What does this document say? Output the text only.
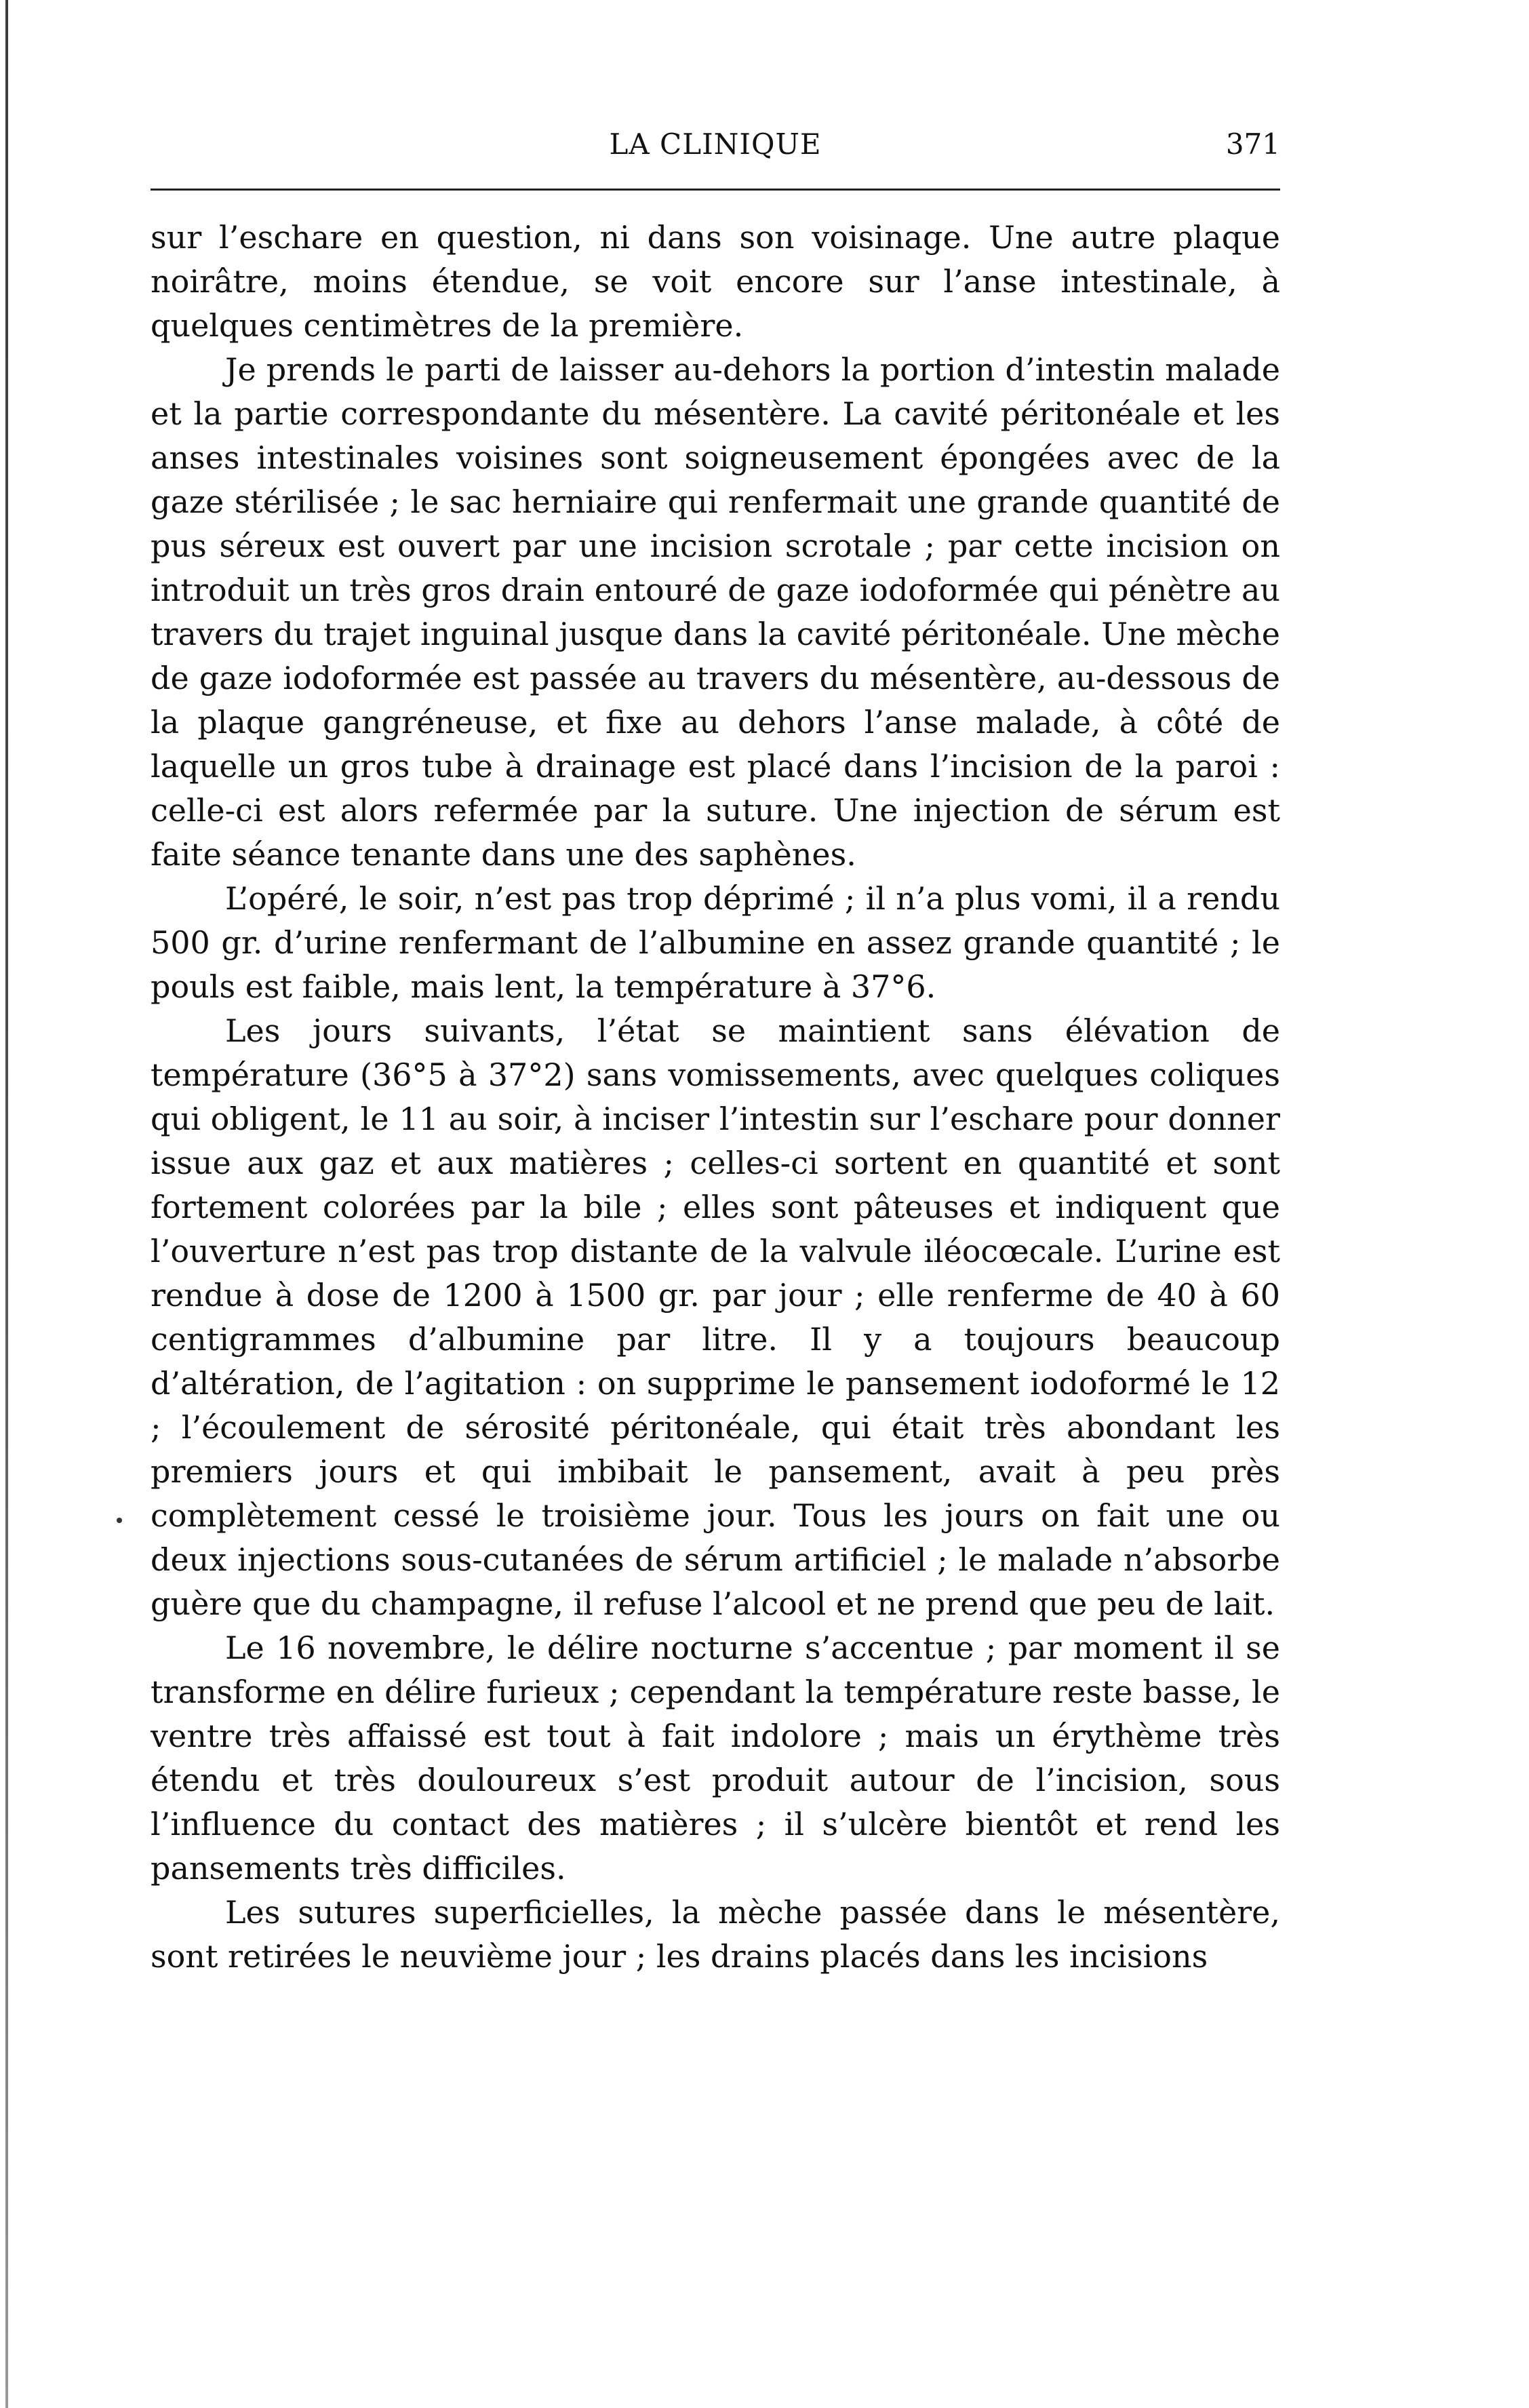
LA CLINIQUE	371

sur l’eschare en question, ni dans son voisinage. Une autre plaque noirâtre, moins étendue, se voit encore sur l’anse intestinale, à quelques centimètres de la première.

Je prends le parti de laisser au-dehors la portion d’intestin malade et la partie correspondante du mésentère. La cavité péritonéale et les anses intestinales voisines sont soigneusement épongées avec de la gaze stérilisée ; le sac herniaire qui renfermait une grande quantité de pus séreux est ouvert par une incision scrotale ; par cette incision on introduit un très gros drain entouré de gaze iodoformée qui pénètre au travers du trajet inguinal jusque dans la cavité péritonéale. Une mèche de gaze iodoformée est passée au travers du mésentère, au-dessous de la plaque gangréneuse, et fixe au dehors l’anse malade, à côté de laquelle un gros tube à drainage est placé dans l’incision de la paroi : celle-ci est alors refermée par la suture. Une injection de sérum est faite séance tenante dans une des saphènes.

L’opéré, le soir, n’est pas trop déprimé ; il n’a plus vomi, il a rendu 500 gr. d’urine renfermant de l’albumine en assez grande quantité ; le pouls est faible, mais lent, la température à 37°6.

Les jours suivants, l’état se maintient sans élévation de température (36°5 à 37°2) sans vomissements, avec quelques coliques qui obligent, le 11 au soir, à inciser l’intestin sur l’eschare pour donner issue aux gaz et aux matières ; celles-ci sortent en quantité et sont fortement colorées par la bile ; elles sont pâteuses et indiquent que l’ouverture n’est pas trop distante de la valvule iléocœcale. L’urine est rendue à dose de 1200 à 1500 gr. par jour ; elle renferme de 40 à 60 centigrammes d’albumine par litre. Il y a toujours beaucoup d’altération, de l’agitation : on supprime le pansement iodoformé le 12 ; l’écoulement de sérosité péritonéale, qui était très abondant les premiers jours et qui imbibait le pansement, avait à peu près complètement cessé le troisième jour. Tous les jours on fait une ou deux injections sous-cutanées de sérum artificiel ; le malade n’absorbe guère que du champagne, il refuse l’alcool et ne prend que peu de lait.

Le 16 novembre, le délire nocturne s’accentue ; par moment il se transforme en délire furieux ; cependant la température reste basse, le ventre très affaissé est tout à fait indolore ; mais un érythème très étendu et très douloureux s’est produit autour de l’incision, sous l’influence du contact des matières ; il s’ulcère bientôt et rend les pansements très difficiles.

Les sutures superficielles, la mèche passée dans le mésentère, sont retirées le neuvième jour ; les drains placés dans les incisions
